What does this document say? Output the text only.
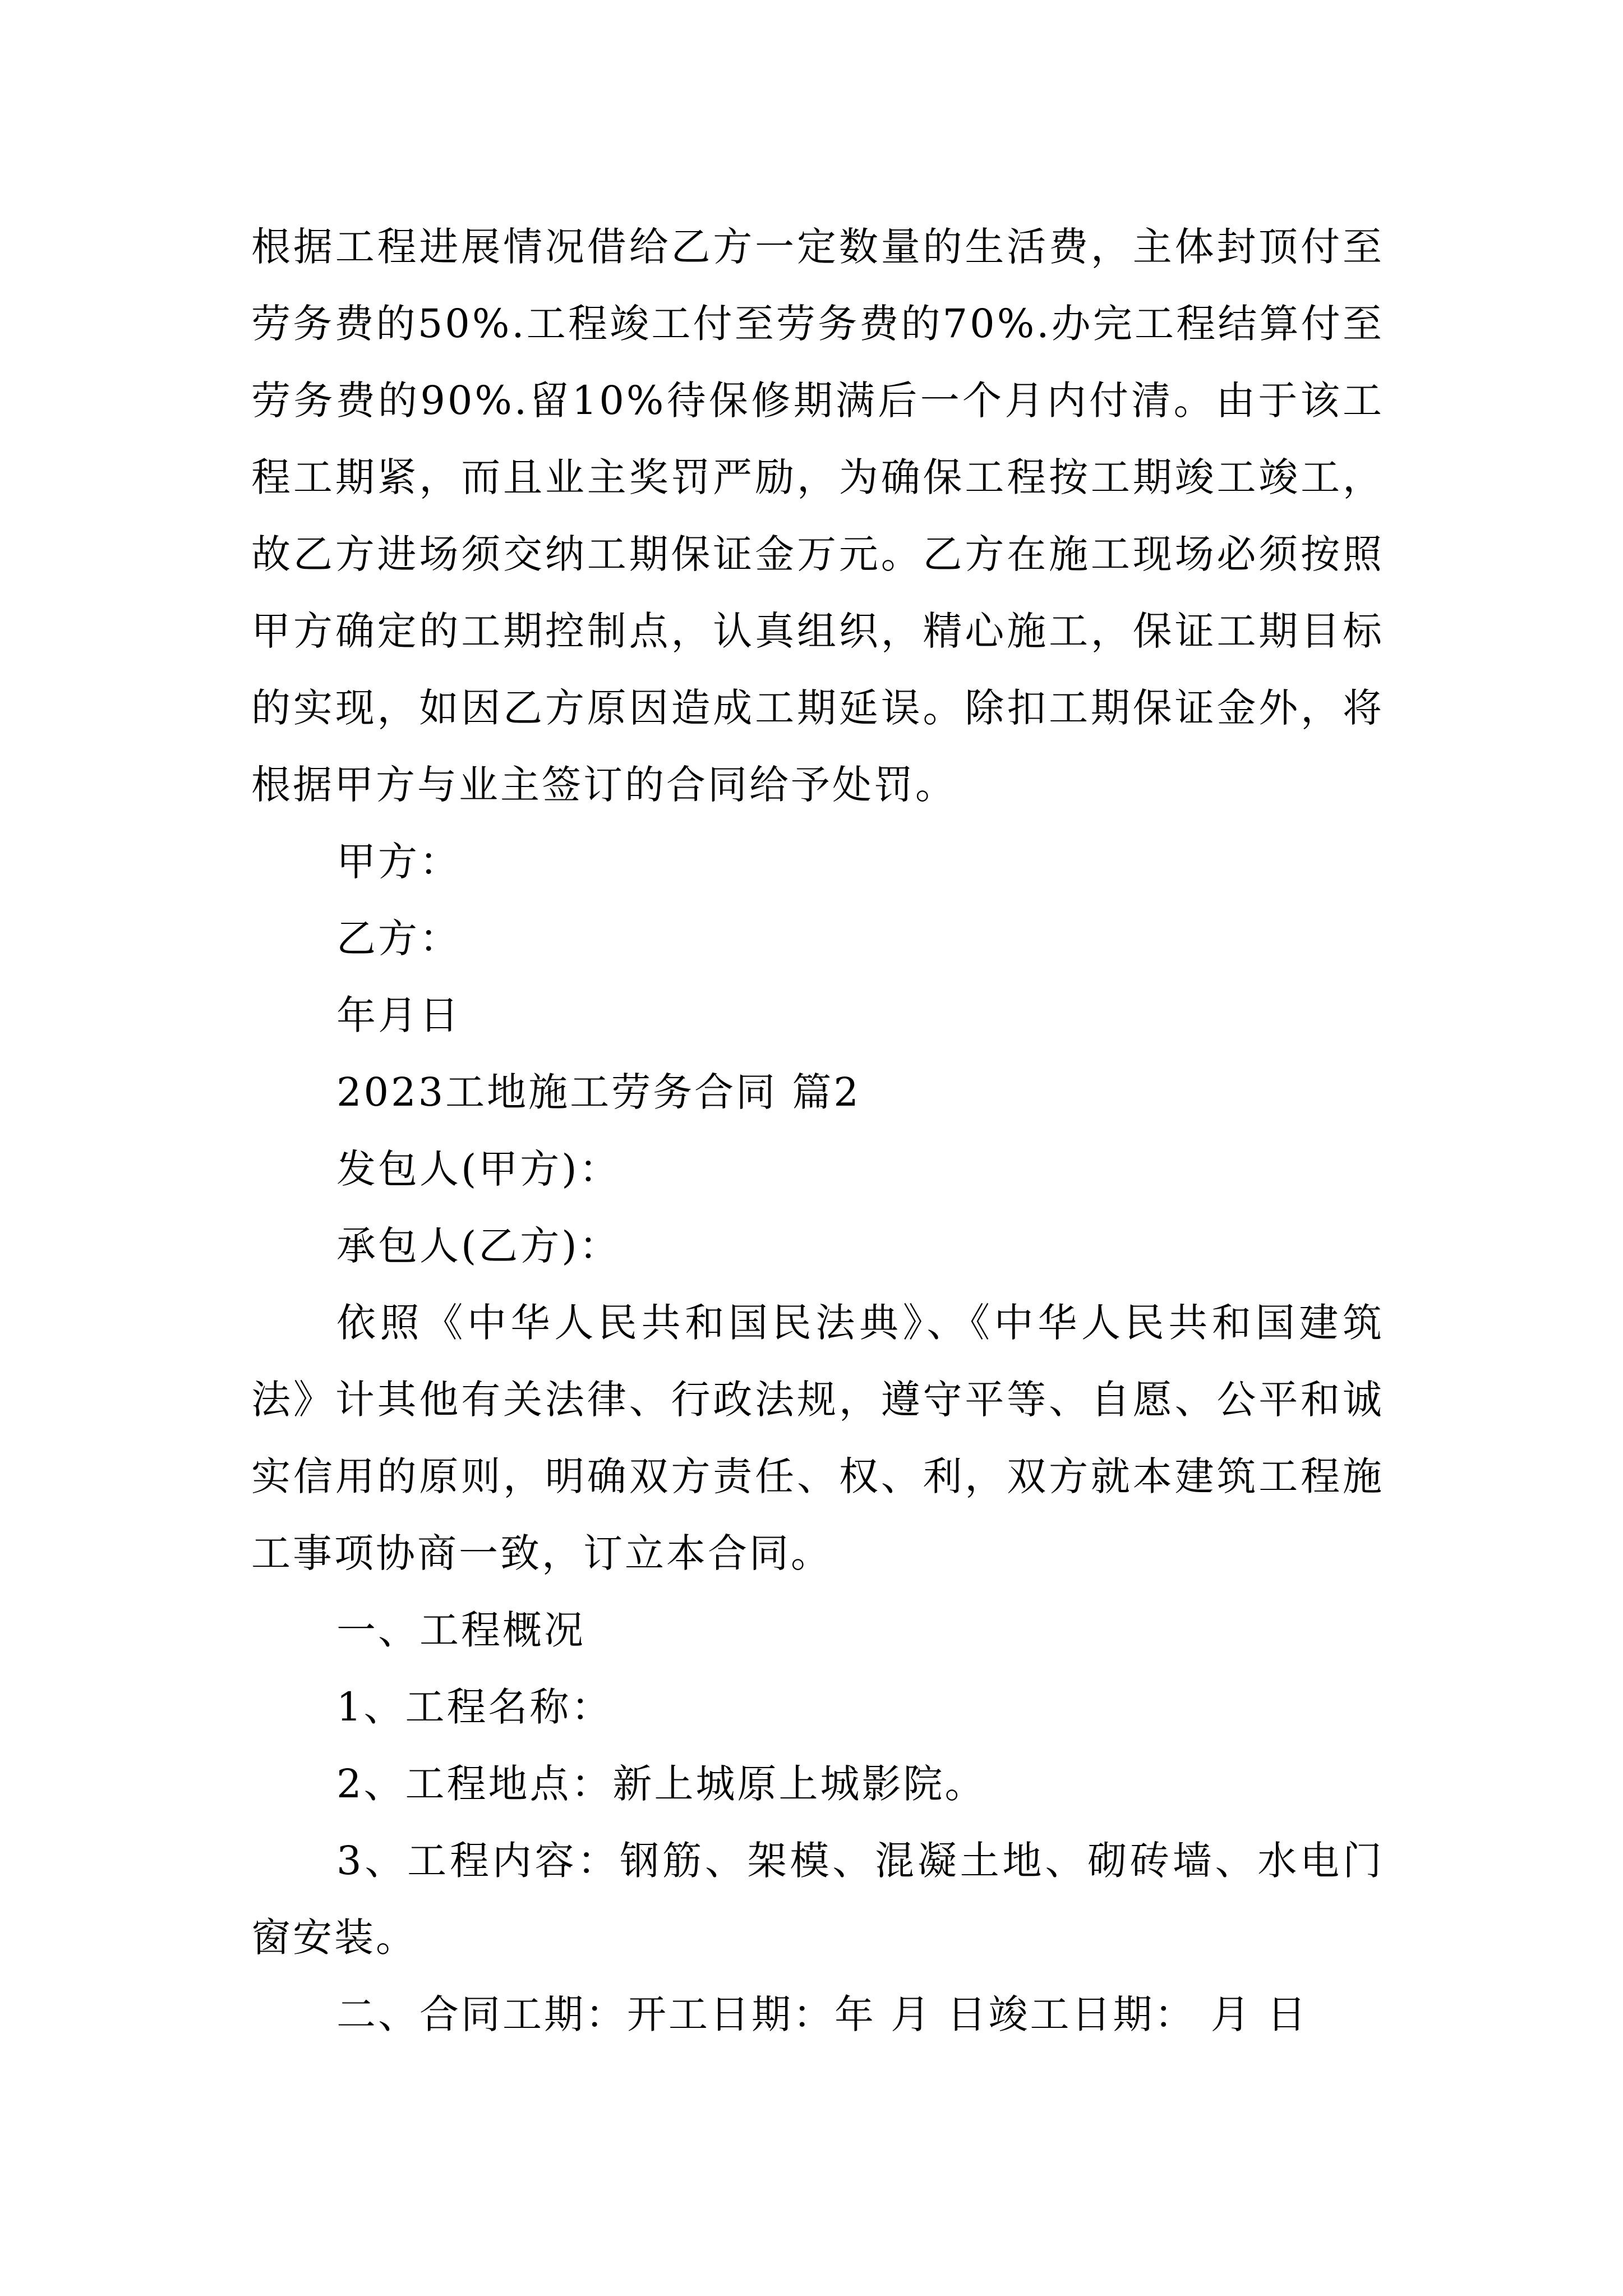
根据工程进展情况借给乙方一定数量的生活费，主体封顶付至劳务费的50%.工程竣工付至劳务费的70%.办完工程结算付至劳务费的90%.留10%待保修期满后一个月内付清。由于该工程工期紧，而且业主奖罚严励，为确保工程按工期竣工竣工，故乙方进场须交纳工期保证金万元。乙方在施工现场必须按照甲方确定的工期控制点，认真组织，精心施工，保证工期目标的实现，如因乙方原因造成工期延误。除扣工期保证金外，将根据甲方与业主签订的合同给予处罚。

甲方：

乙方：

年月日

2023工地施工劳务合同 篇2

发包人(甲方)：

承包人(乙方)：

依照《中华人民共和国民法典》、《中华人民共和国建筑法》计其他有关法律、行政法规，遵守平等、自愿、公平和诚实信用的原则，明确双方责任、权、利，双方就本建筑工程施工事项协商一致，订立本合同。

一、工程概况

1、工程名称：

2、工程地点：新上城原上城影院。

3、工程内容：钢筋、架模、混凝土地、砌砖墙、水电门窗安装。

二、合同工期：开工日期：年 月 日竣工日期： 月 日
